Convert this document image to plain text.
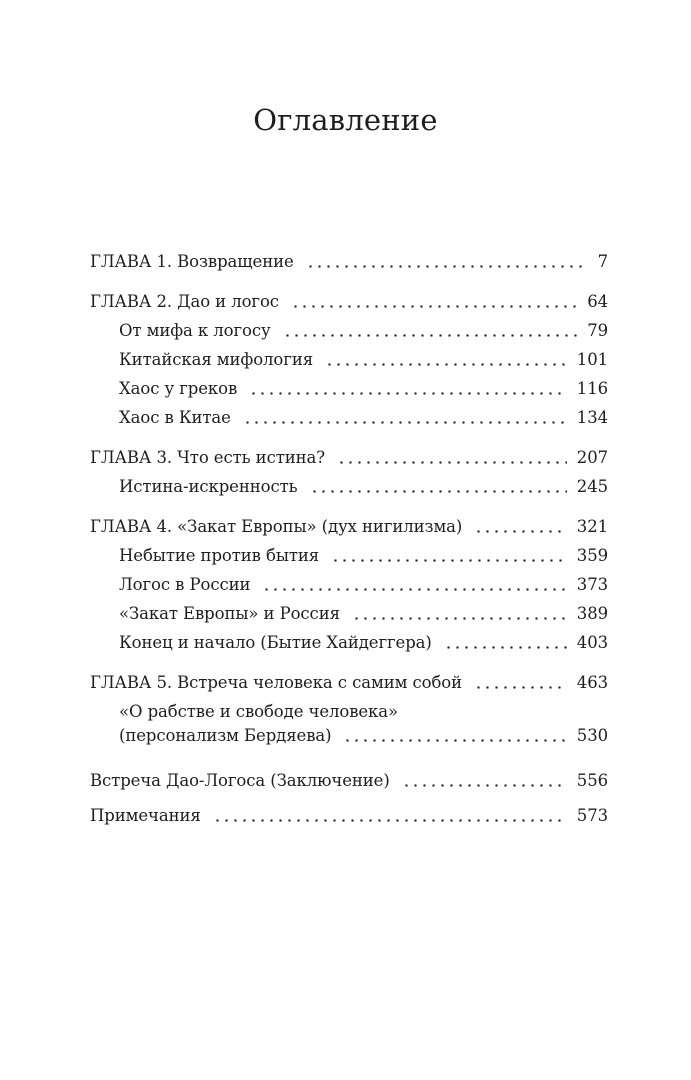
Оглавление
ГЛАВА 1. Возвращение	7
ГЛАВА 2. Дао и логос	64
От мифа к логосу	79
Китайская мифология	101
Хаос у греков	116
Хаос в Китае	134
ГЛАВА 3. Что есть истина?	207
Истина-искренность	245
ГЛАВА 4. «Закат Европы» (дух нигилизма)	321
Небытие против бытия	359
Логос в России	373
«Закат Европы» и Россия	389
Конец и начало (Бытие Хайдеггера)	403
ГЛАВА 5. Встреча человека с самим собой	463
«О рабстве и свободе человека»
(персонализм Бердяева)	530
Встреча Дао-Логоса (Заключение)	556
Примечания	573
